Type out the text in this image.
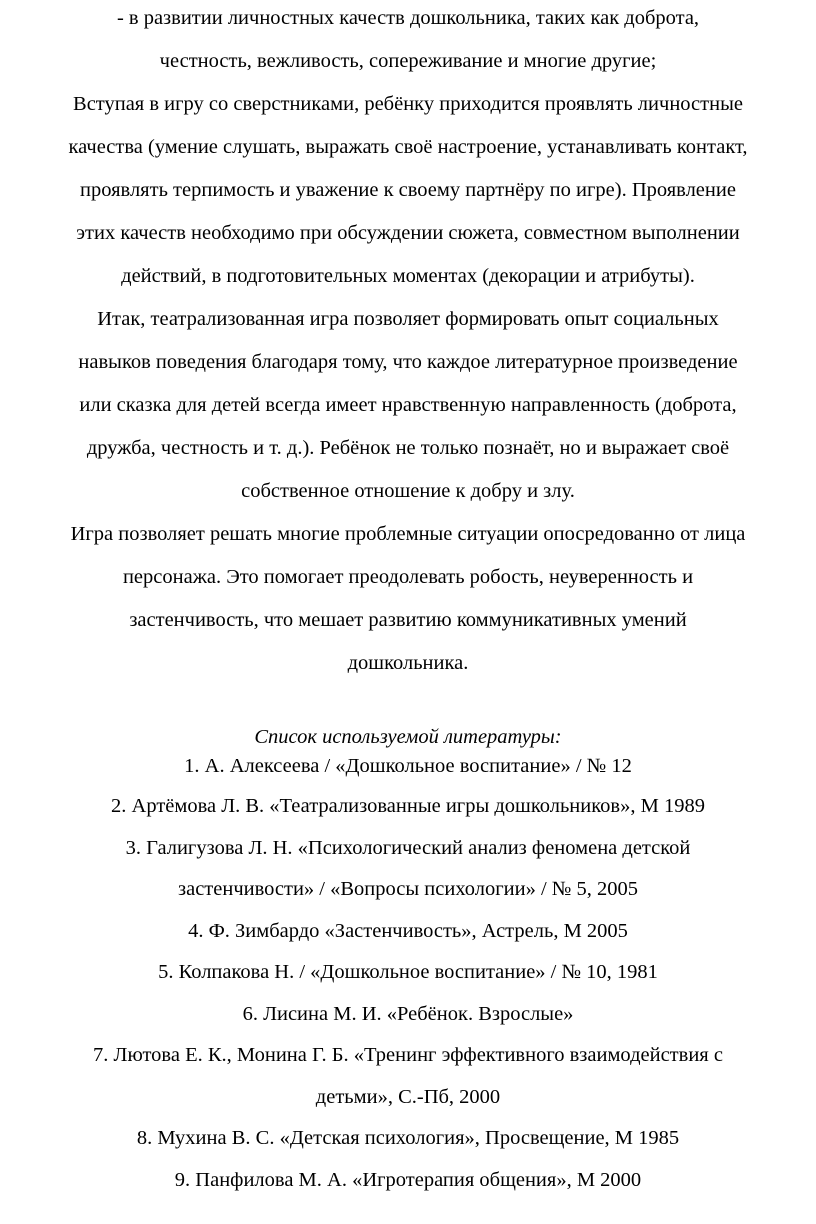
- в развитии личностных качеств дошкольника, таких как доброта,

честность, вежливость, сопереживание и многие другие;

Вступая в игру со сверстниками, ребёнку приходится проявлять личностные

качества (умение слушать, выражать своё настроение, устанавливать контакт,

проявлять терпимость и уважение к своему партнёру по игре). Проявление

этих качеств необходимо при обсуждении сюжета, совместном выполнении

действий, в подготовительных моментах (декорации и атрибуты).

Итак, театрализованная игра позволяет формировать опыт социальных

навыков поведения благодаря тому, что каждое литературное произведение

или сказка для детей всегда имеет нравственную направленность (доброта,

дружба, честность и т. д.). Ребёнок не только познаёт, но и выражает своё

собственное отношение к добру и злу.

Игра позволяет решать многие проблемные ситуации опосредованно от лица

персонажа. Это помогает преодолевать робость, неуверенность и

застенчивость, что мешает развитию коммуникативных умений

дошкольника.

Список используемой литературы:

1. А. Алексеева / «Дошкольное воспитание» / № 12

2. Артёмова Л. В. «Театрализованные игры дошкольников», М 1989

3. Галигузова Л. Н. «Психологический анализ феномена детской

застенчивости» / «Вопросы психологии» / № 5, 2005

4. Ф. Зимбардо «Застенчивость», Астрель, М 2005

5. Колпакова Н. / «Дошкольное воспитание» / № 10, 1981

6. Лисина М. И. «Ребёнок. Взрослые»

7. Лютова Е. К., Монина Г. Б. «Тренинг эффективного взаимодействия с

детьми», С.-Пб, 2000

8. Мухина В. С. «Детская психология», Просвещение, М 1985

9. Панфилова М. А. «Игротерапия общения», М 2000
